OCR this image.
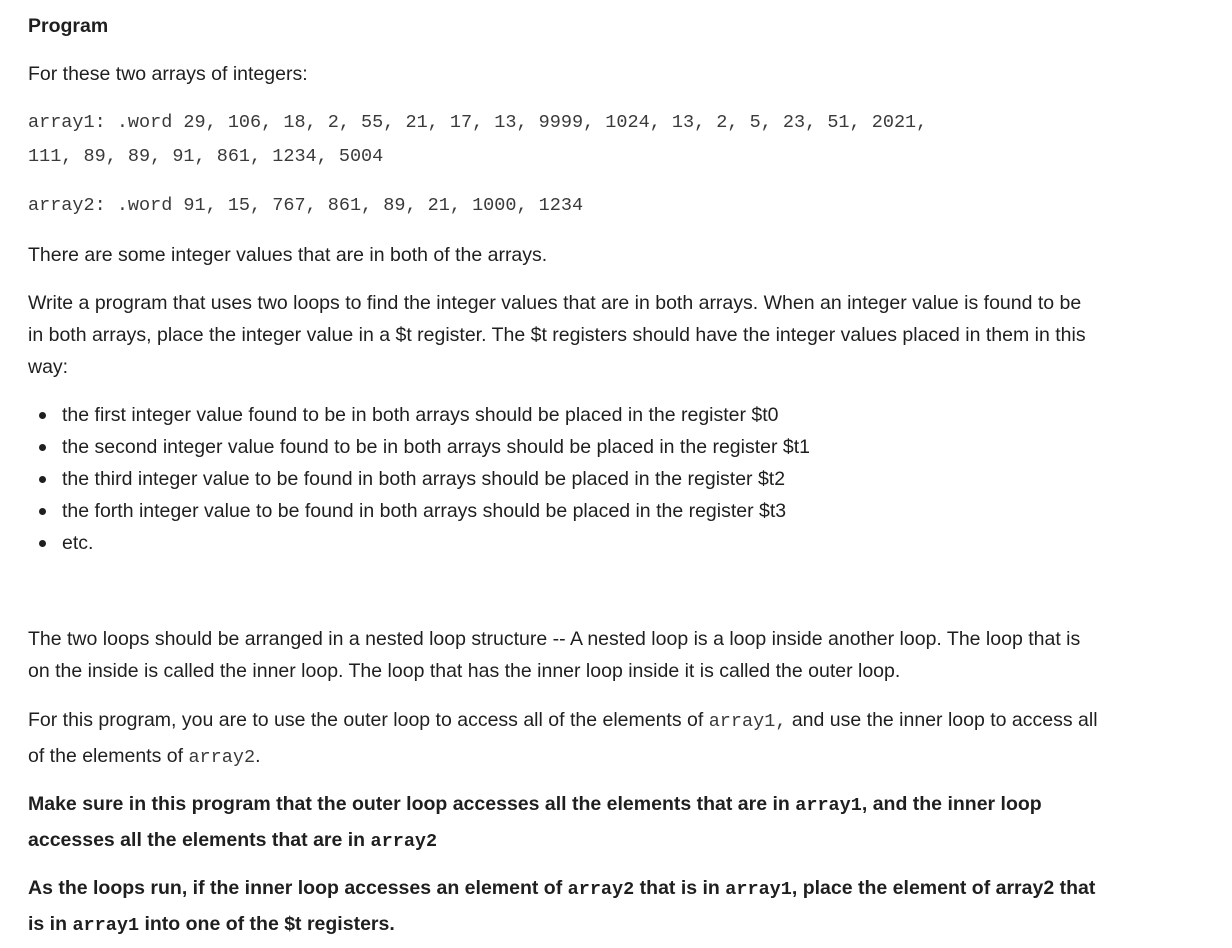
Program

For these two arrays of integers:

array1: .word 29, 106, 18, 2, 55, 21, 17, 13, 9999, 1024, 13, 2, 5, 23, 51, 2021,
111, 89, 89, 91, 861, 1234, 5004
array2: .word 91, 15, 767, 861, 89, 21, 1000, 1234

There are some integer values that are in both of the arrays.

Write a program that uses two loops to find the integer values that are in both arrays. When an integer value is found to be in both arrays, place the integer value in a $t register. The $t registers should have the integer values placed in them in this way:

the first integer value found to be in both arrays should be placed in the register $t0
the second integer value found to be in both arrays should be placed in the register $t1
the third integer value to be found in both arrays should be placed in the register $t2
the forth integer value to be found in both arrays should be placed in the register $t3
etc.

The two loops should be arranged in a nested loop structure -- A nested loop is a loop inside another loop. The loop that is on the inside is called the inner loop. The loop that has the inner loop inside it is called the outer loop.

For this program, you are to use the outer loop to access all of the elements of array1, and use the inner loop to access all of the elements of array2.

Make sure in this program that the outer loop accesses all the elements that are in array1, and the inner loop accesses all the elements that are in array2

As the loops run, if the inner loop accesses an element of array2 that is in array1, place the element of array2 that is in array1 into one of the $t registers.
